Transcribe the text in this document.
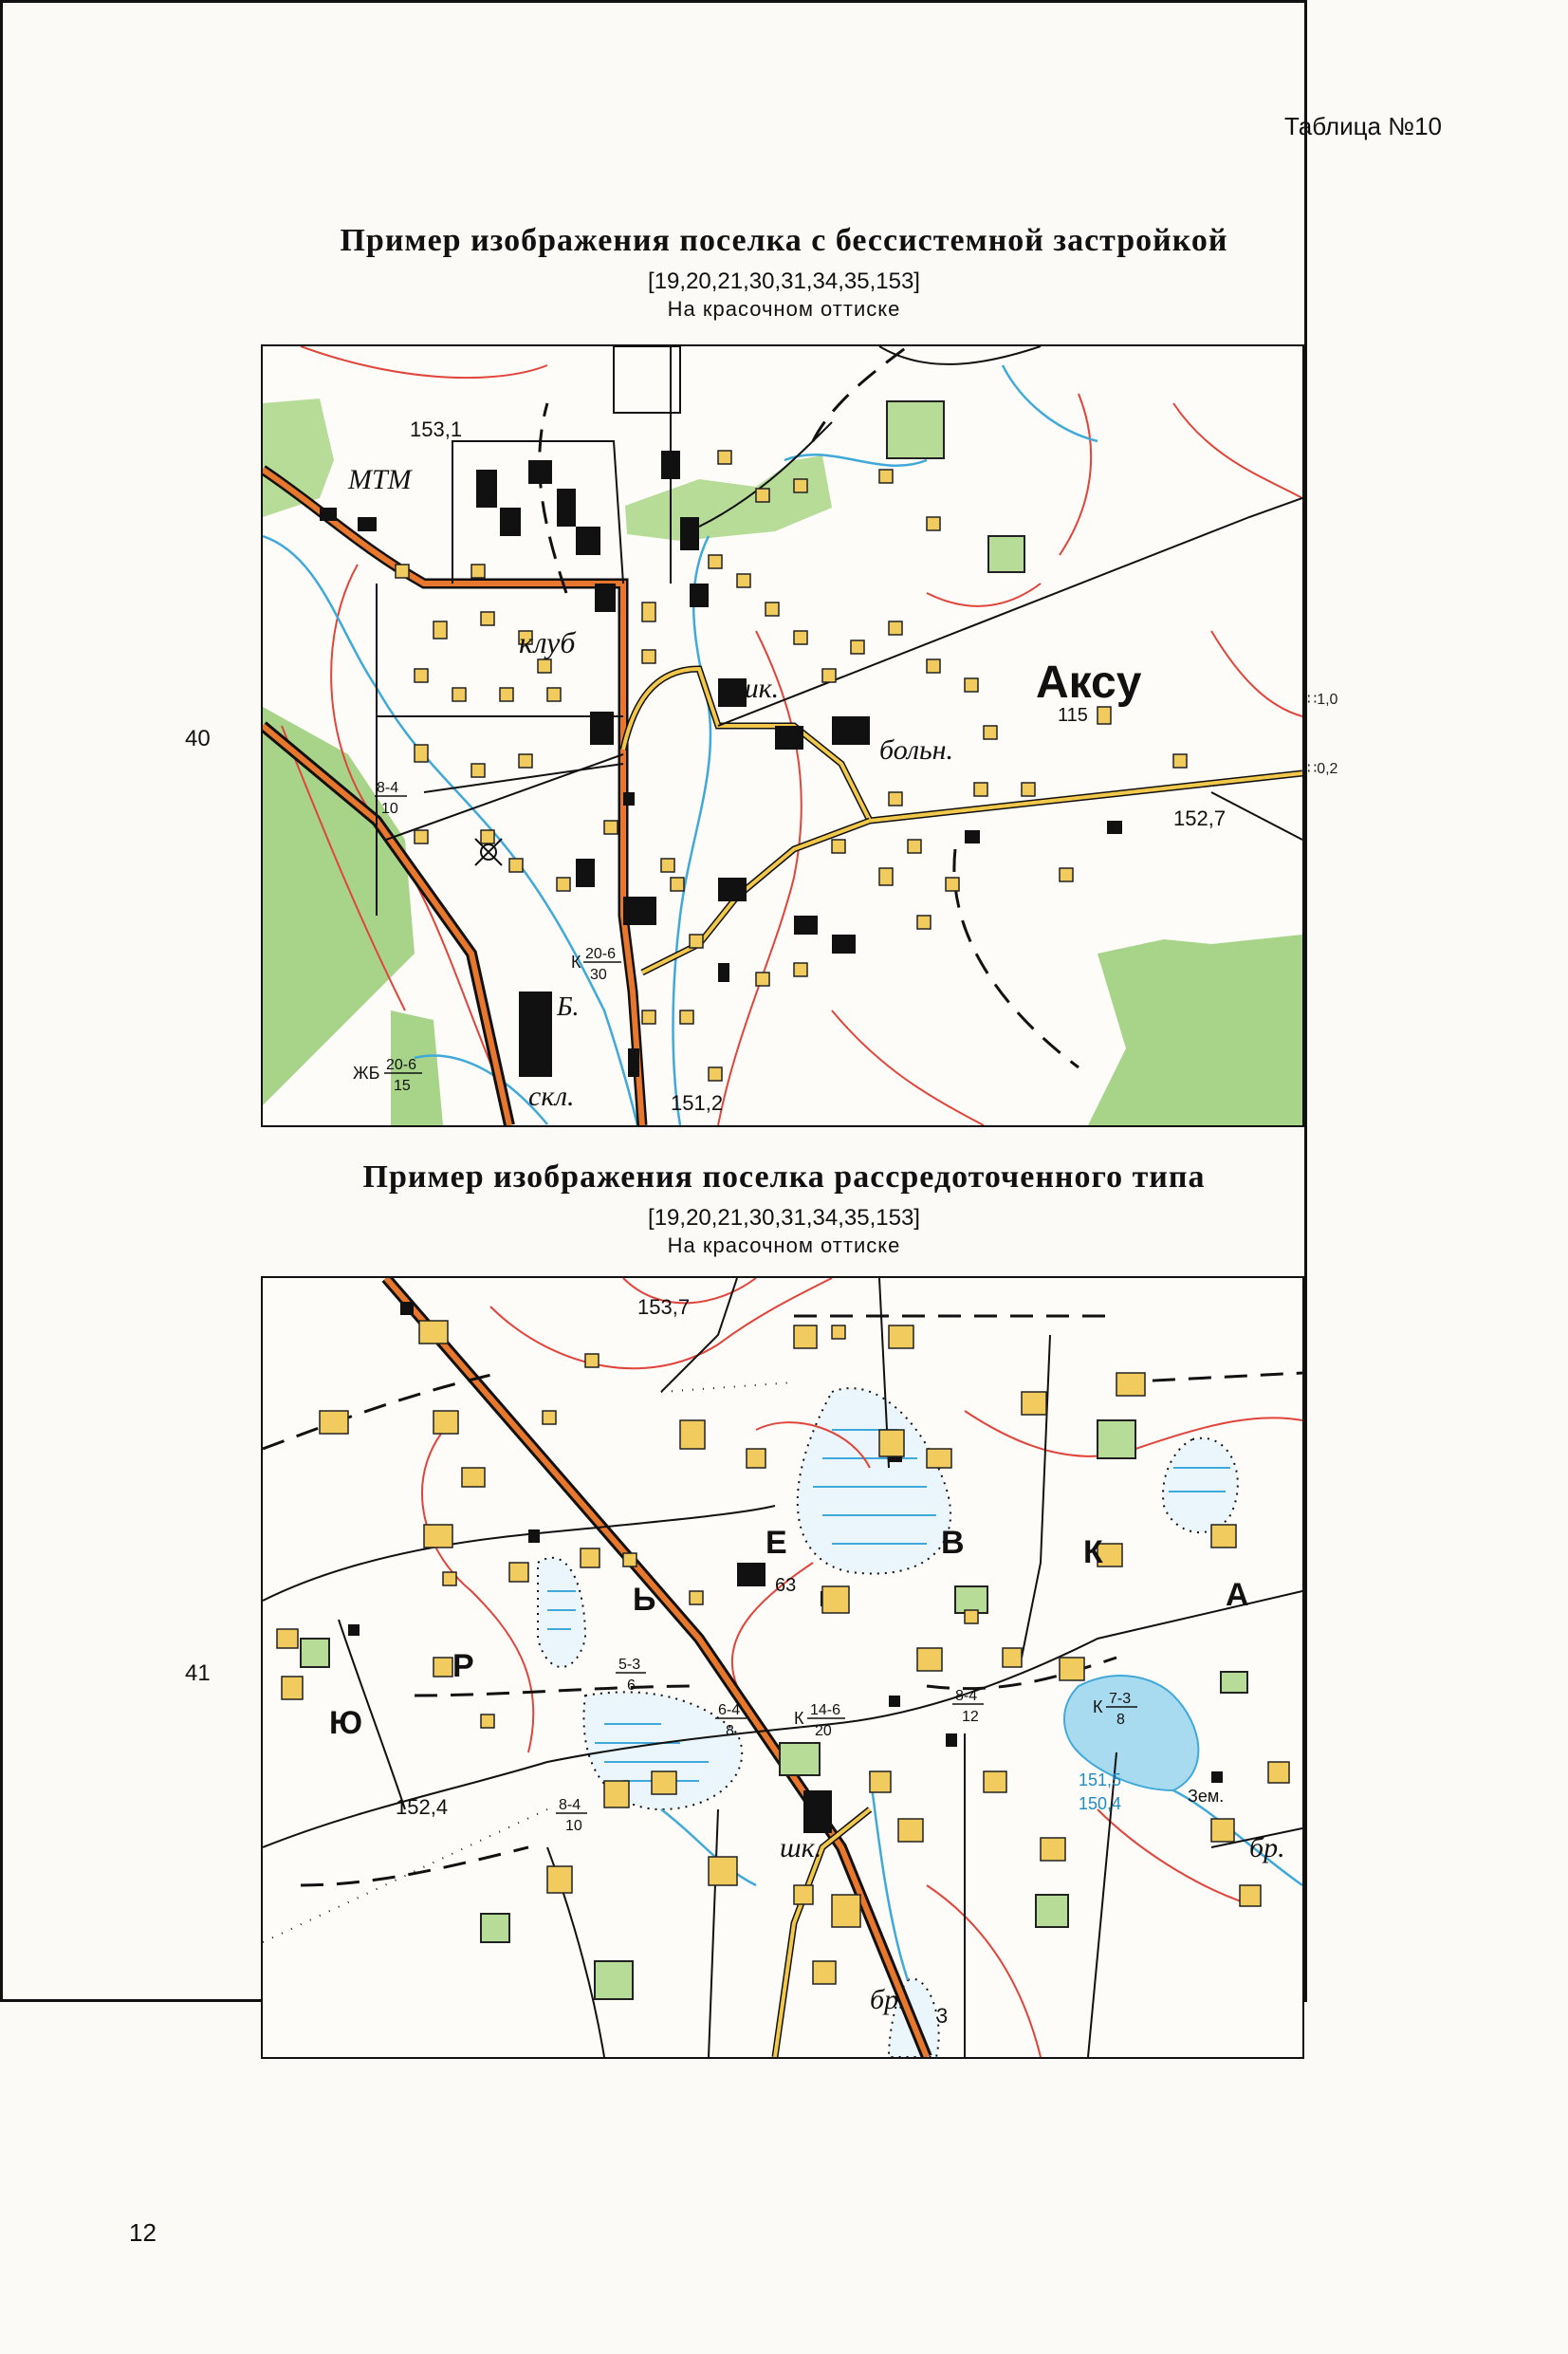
Таблица №10
Пример изображения поселка с бессистемной застройкой
[19,20,21,30,31,34,35,153]
На красочном оттиске
40
∷1,0
∷0,2
МТМ
клуб
шк.
больн.
Аксу
115
скл.
Б.
153,1
152,7
151,2
8-4
10
К 20-6
30
ЖБ 20-6
15
Пример изображения поселка рассредоточенного типа
[19,20,21,30,31,34,35,153]
На красочном оттиске
41
153,7
152,4
63
шк.
бр.
бр.
Зем.
151,5
150,4
Ю
Р
Ь
Е	В	К
А
5-3
6
6-4
8
К 14-6
20
8-4
12
К 7-3
8
8-4
10
3
12
